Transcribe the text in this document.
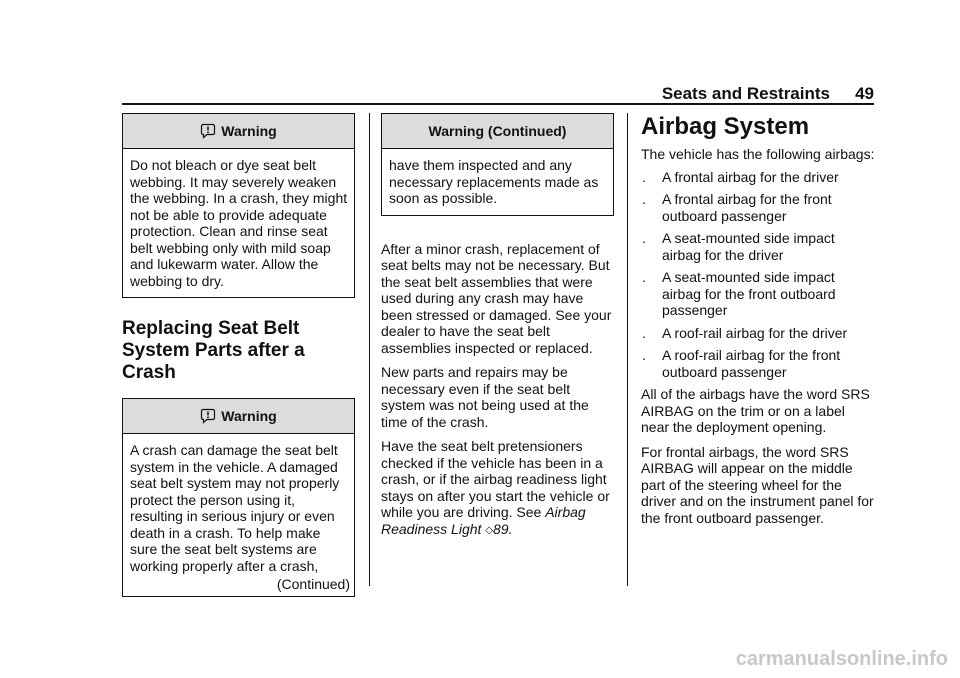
Seats and Restraints	49
Warning
Do not bleach or dye seat belt webbing. It may severely weaken the webbing. In a crash, they might not be able to provide adequate protection. Clean and rinse seat belt webbing only with mild soap and lukewarm water. Allow the webbing to dry.
Replacing Seat Belt System Parts after a Crash
Warning
A crash can damage the seat belt system in the vehicle. A damaged seat belt system may not properly protect the person using it, resulting in serious injury or even death in a crash. To help make sure the seat belt systems are working properly after a crash,
(Continued)
Warning (Continued)
have them inspected and any necessary replacements made as soon as possible.

After a minor crash, replacement of seat belts may not be necessary. But the seat belt assemblies that were used during any crash may have been stressed or damaged. See your dealer to have the seat belt assemblies inspected or replaced.

New parts and repairs may be necessary even if the seat belt system was not being used at the time of the crash.

Have the seat belt pretensioners checked if the vehicle has been in a crash, or if the airbag readiness light stays on after you start the vehicle or while you are driving. See Airbag Readiness Light ◇89.

Airbag System

The vehicle has the following airbags:

. A frontal airbag for the driver
. A frontal airbag for the front outboard passenger
. A seat-mounted side impact airbag for the driver
. A seat-mounted side impact airbag for the front outboard passenger
. A roof-rail airbag for the driver
. A roof-rail airbag for the front outboard passenger

All of the airbags have the word SRS AIRBAG on the trim or on a label near the deployment opening.

For frontal airbags, the word SRS AIRBAG will appear on the middle part of the steering wheel for the driver and on the instrument panel for the front outboard passenger.

carmanualsonline.info
